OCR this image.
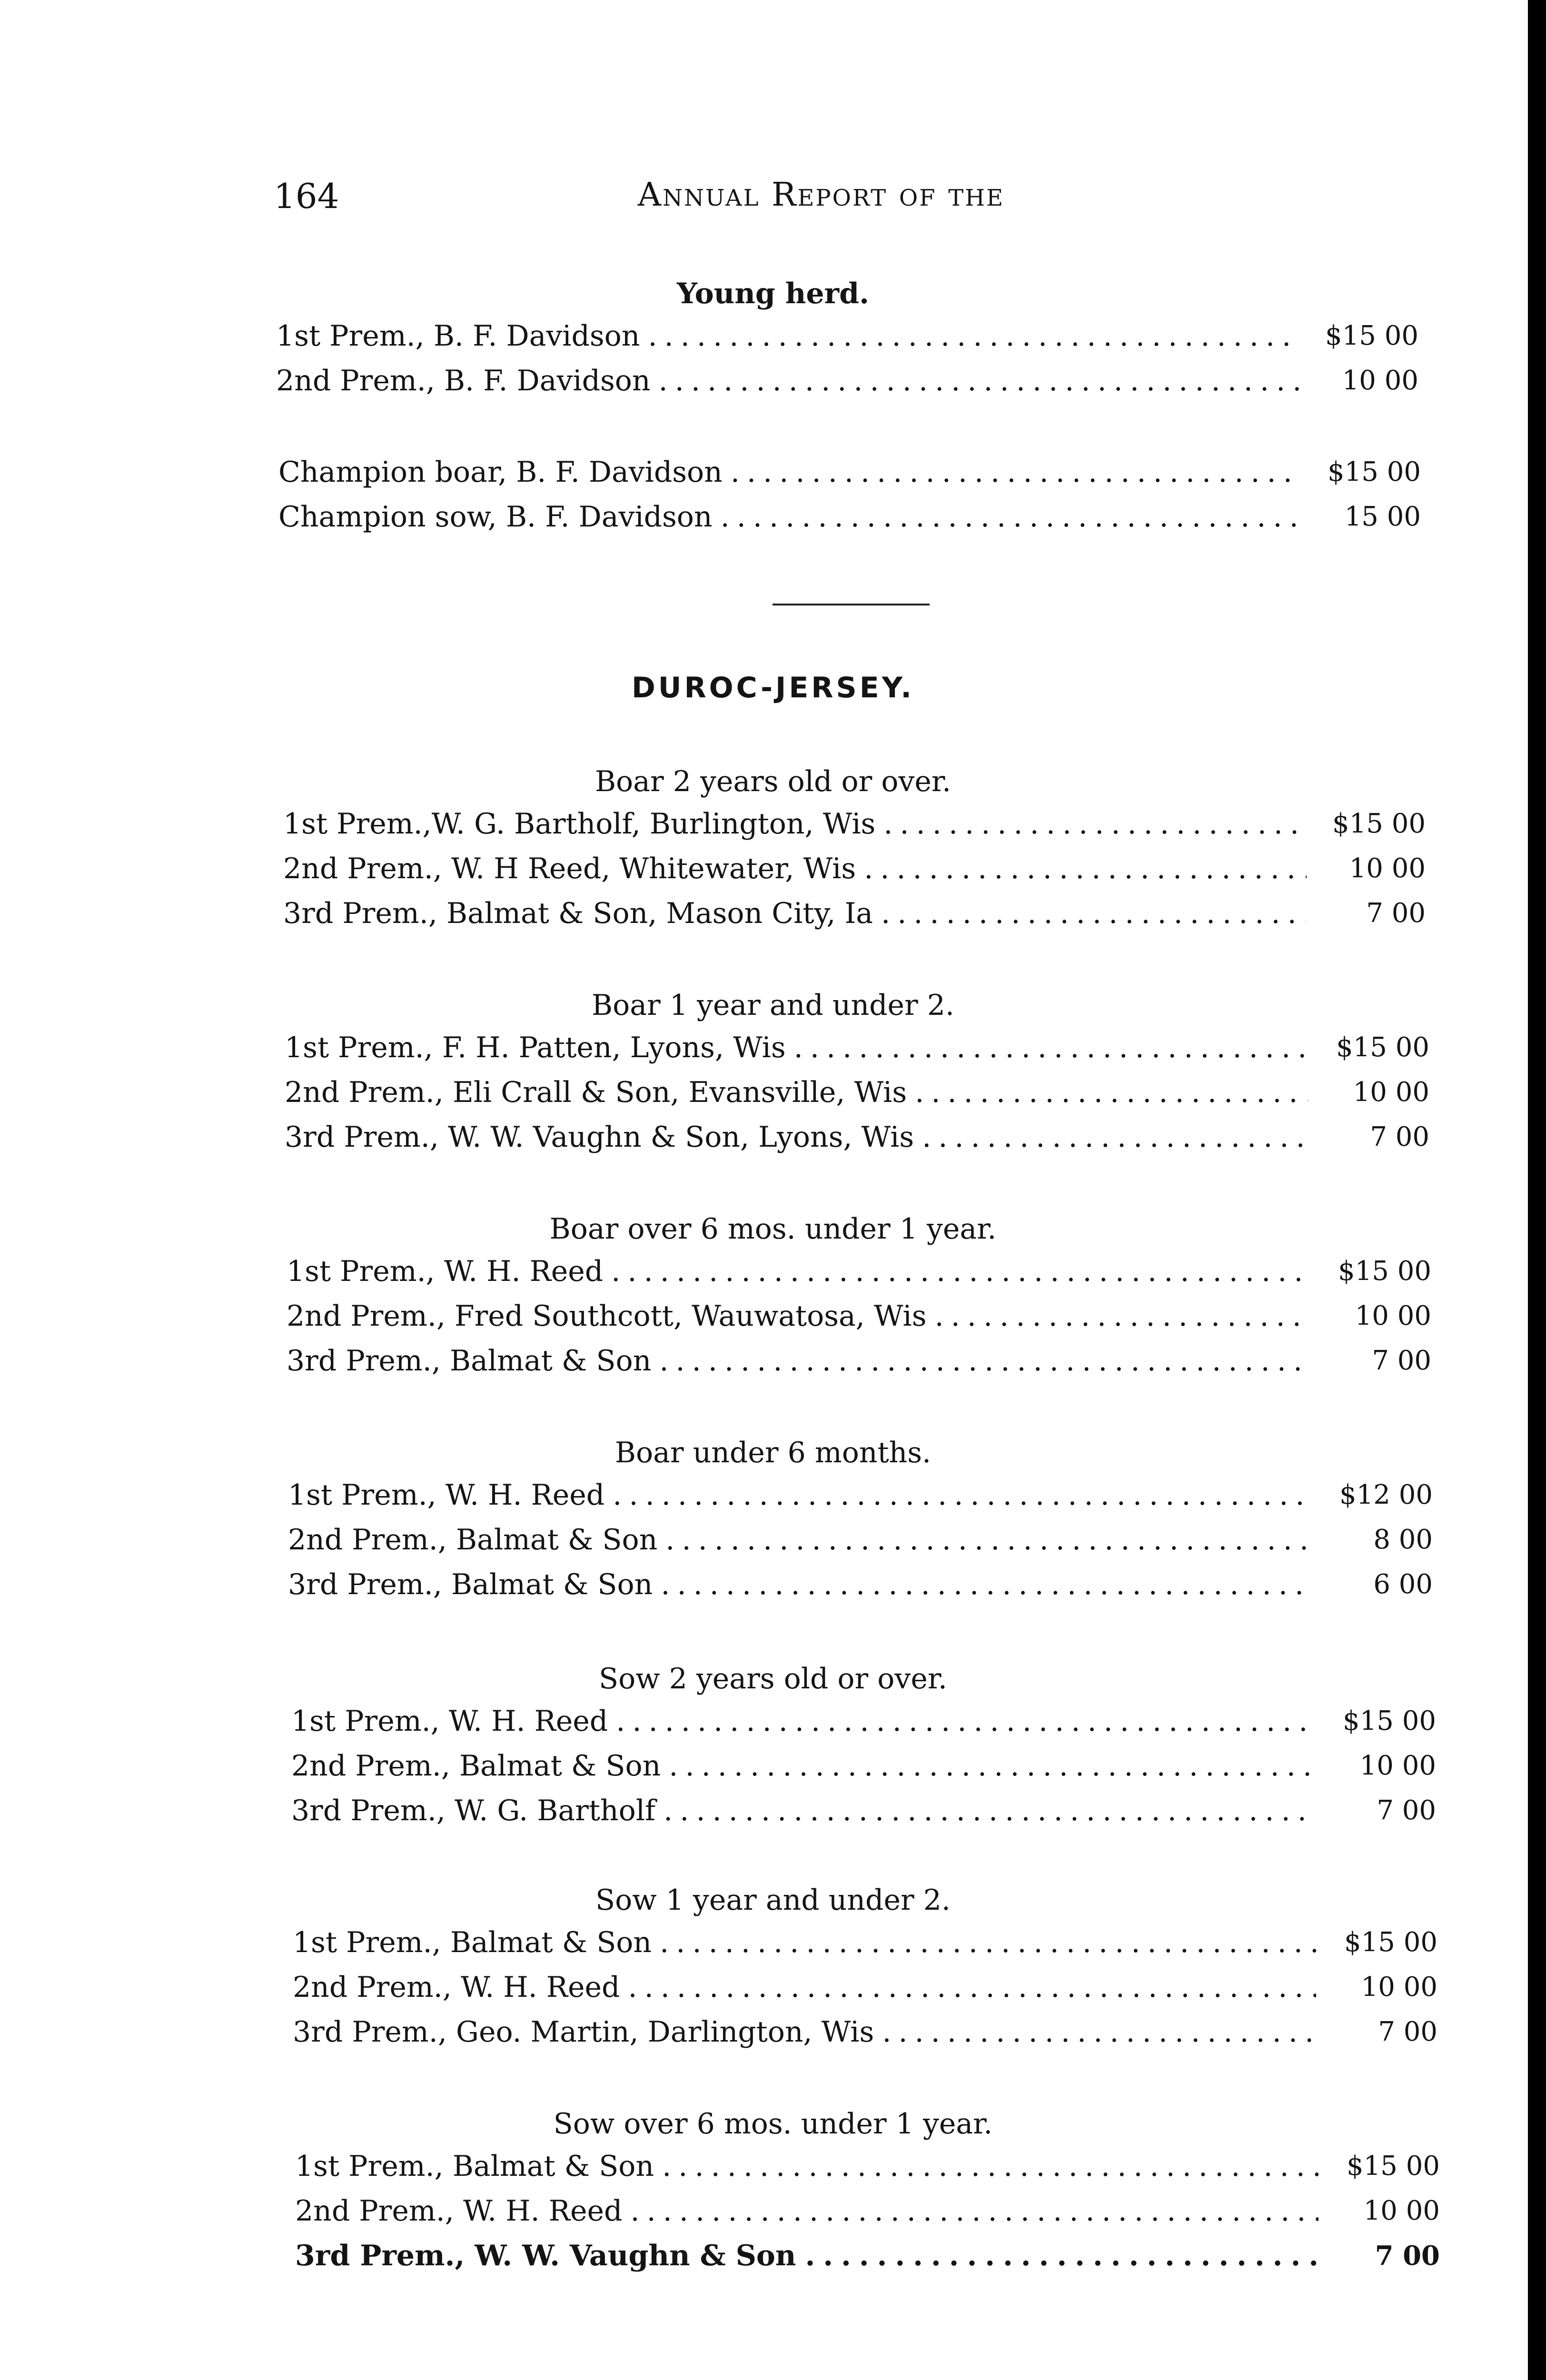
164	Annual Report of the
Young herd.
1st Prem., B. F. Davidson . . .	$15 00
2nd Prem., B. F. Davidson . . .	10 00
Champion boar, B. F. Davidson . . .	$15 00
Champion sow, B. F. Davidson . . .	15 00
DUROC-JERSEY.
Boar 2 years old or over.
1st Prem.,W. G. Bartholf, Burlington, Wis . . .	$15 00
2nd Prem., W. H Reed, Whitewater, Wis . . .	10 00
3rd Prem., Balmat & Son, Mason City, Ia . . .	7 00
Boar 1 year and under 2.
1st Prem., F. H. Patten, Lyons, Wis . . .	$15 00
2nd Prem., Eli Crall & Son, Evansville, Wis . . .	10 00
3rd Prem., W. W. Vaughn & Son, Lyons, Wis . . .	7 00
Boar over 6 mos. under 1 year.
1st Prem., W. H. Reed . . .	$15 00
2nd Prem., Fred Southcott, Wauwatosa, Wis . . .	10 00
3rd Prem., Balmat & Son . . .	7 00
Boar under 6 months.
1st Prem., W. H. Reed . . .	$12 00
2nd Prem., Balmat & Son . . .	8 00
3rd Prem., Balmat & Son . . .	6 00
Sow 2 years old or over.
1st Prem., W. H. Reed . . .	$15 00
2nd Prem., Balmat & Son . . .	10 00
3rd Prem., W. G. Bartholf . . .	7 00
Sow 1 year and under 2.
1st Prem., Balmat & Son . . .	$15 00
2nd Prem., W. H. Reed . . .	10 00
3rd Prem., Geo. Martin, Darlington, Wis . . .	7 00
Sow over 6 mos. under 1 year.
1st Prem., Balmat & Son . . .	$15 00
2nd Prem., W. H. Reed . . .	10 00
3rd Prem., W. W. Vaughn & Son . . .	7 00
